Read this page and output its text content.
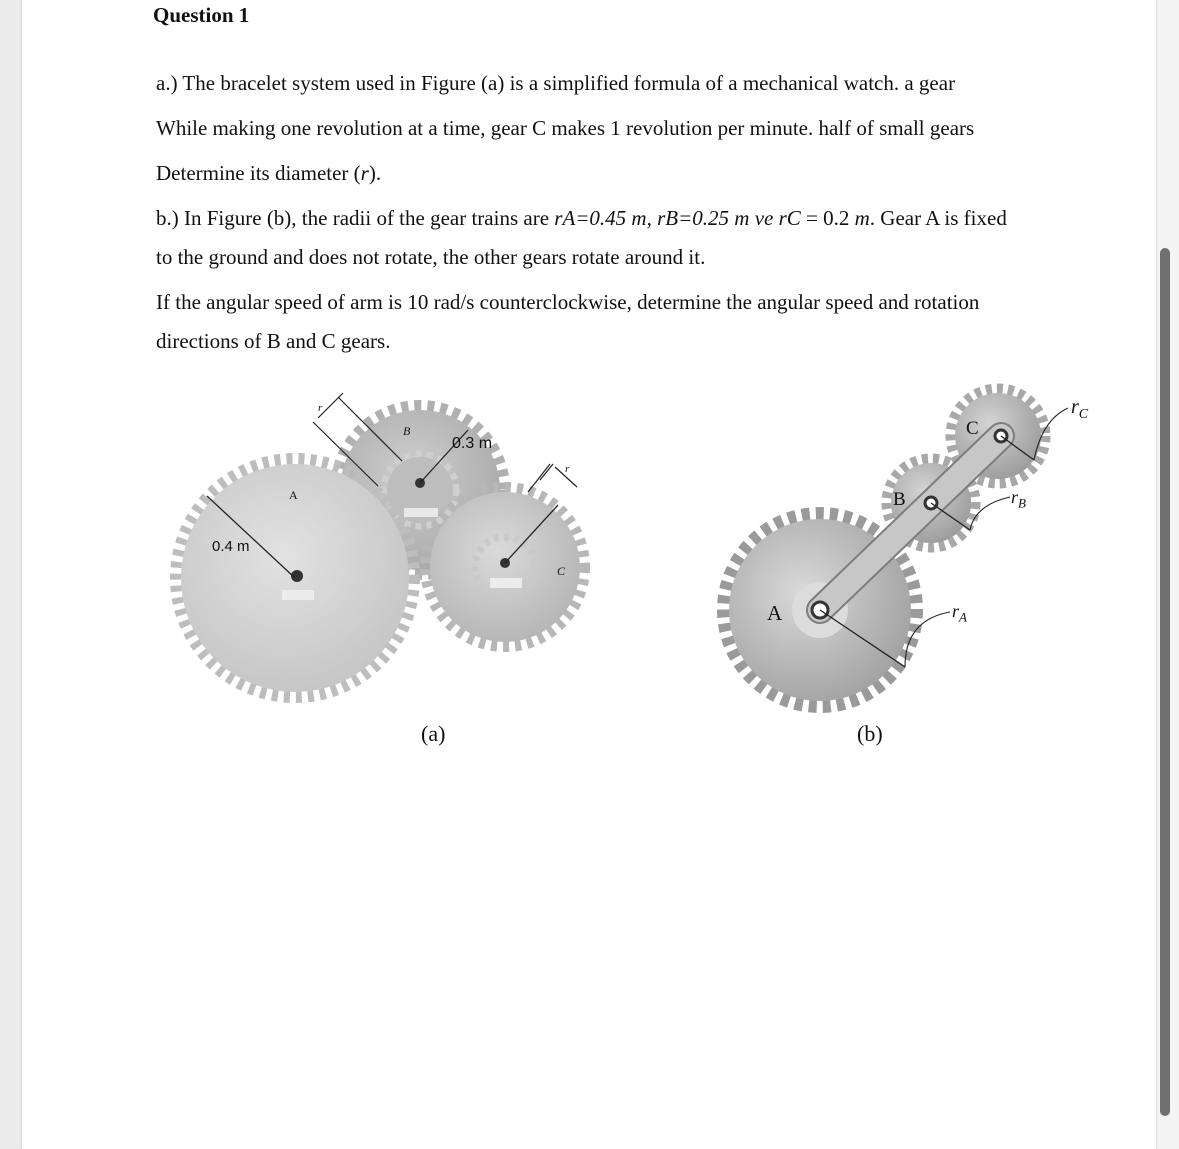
Question 1
a.) The bracelet system used in Figure (a) is a simplified formula of a mechanical watch. a gear
While making one revolution at a time, gear C makes 1 revolution per minute. half of small gears
Determine its diameter (r).
b.) In Figure (b), the radii of the gear trains are rA=0.45 m, rB=0.25 m ve rC = 0.2 m. Gear A is fixed
to the ground and does not rotate, the other gears rotate around it.
If the angular speed of arm is 10 rad/s counterclockwise, determine the angular speed and rotation
directions of B and C gears.
A
B
C
r
r
0.4 m
0.3 m
(a)
A
B
C
$r_A$
$r_B$
$r_C$
(b)
